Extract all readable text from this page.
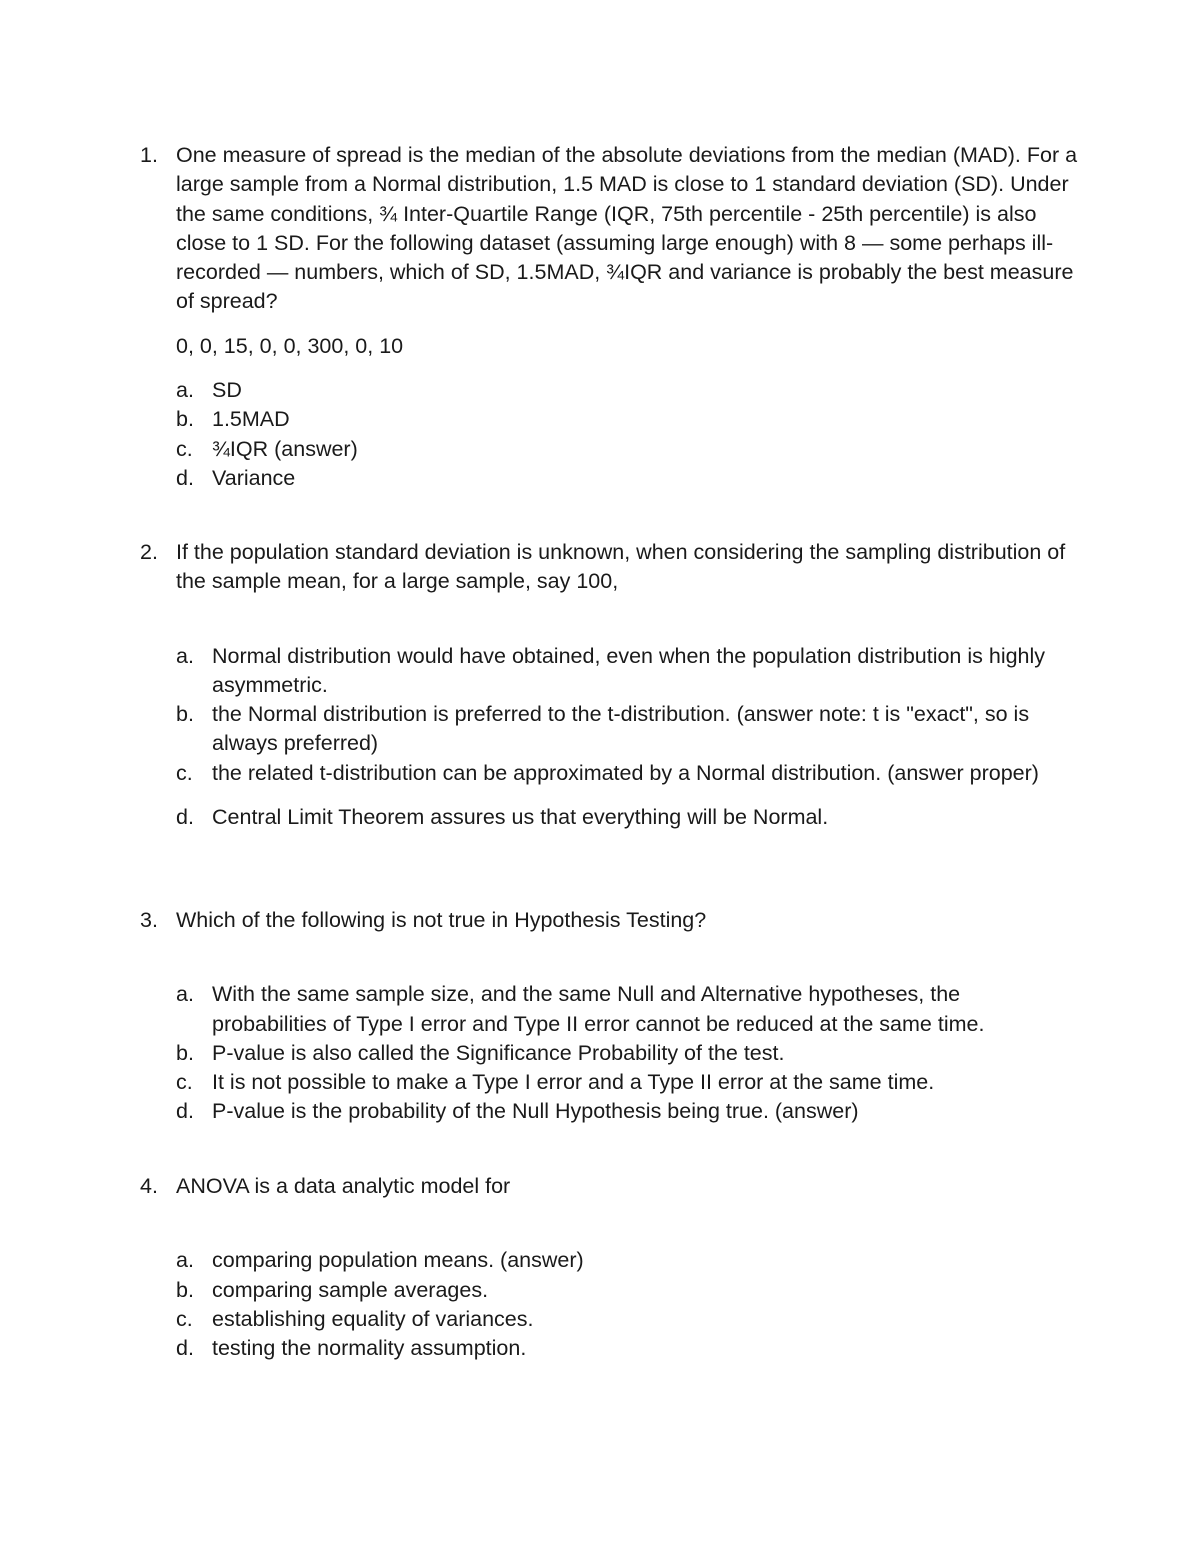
1. One measure of spread is the median of the absolute deviations from the median (MAD). For a large sample from a Normal distribution, 1.5 MAD is close to 1 standard deviation (SD). Under the same conditions, ¾ Inter-Quartile Range (IQR, 75th percentile - 25th percentile) is also close to 1 SD. For the following dataset (assuming large enough) with 8 — some perhaps ill-recorded — numbers, which of SD, 1.5MAD, ¾IQR and variance is probably the best measure of spread?
0, 0, 15, 0, 0, 300, 0, 10
a. SD
b. 1.5MAD
c. ¾IQR (answer)
d. Variance
2. If the population standard deviation is unknown, when considering the sampling distribution of the sample mean, for a large sample, say 100,
a. Normal distribution would have obtained, even when the population distribution is highly asymmetric.
b. the Normal distribution is preferred to the t-distribution. (answer note: t is "exact", so is always preferred)
c. the related t-distribution can be approximated by a Normal distribution. (answer proper)
d. Central Limit Theorem assures us that everything will be Normal.
3. Which of the following is not true in Hypothesis Testing?
a. With the same sample size, and the same Null and Alternative hypotheses, the probabilities of Type I error and Type II error cannot be reduced at the same time.
b. P-value is also called the Significance Probability of the test.
c. It is not possible to make a Type I error and a Type II error at the same time.
d. P-value is the probability of the Null Hypothesis being true. (answer)
4. ANOVA is a data analytic model for
a. comparing population means. (answer)
b. comparing sample averages.
c. establishing equality of variances.
d. testing the normality assumption.
